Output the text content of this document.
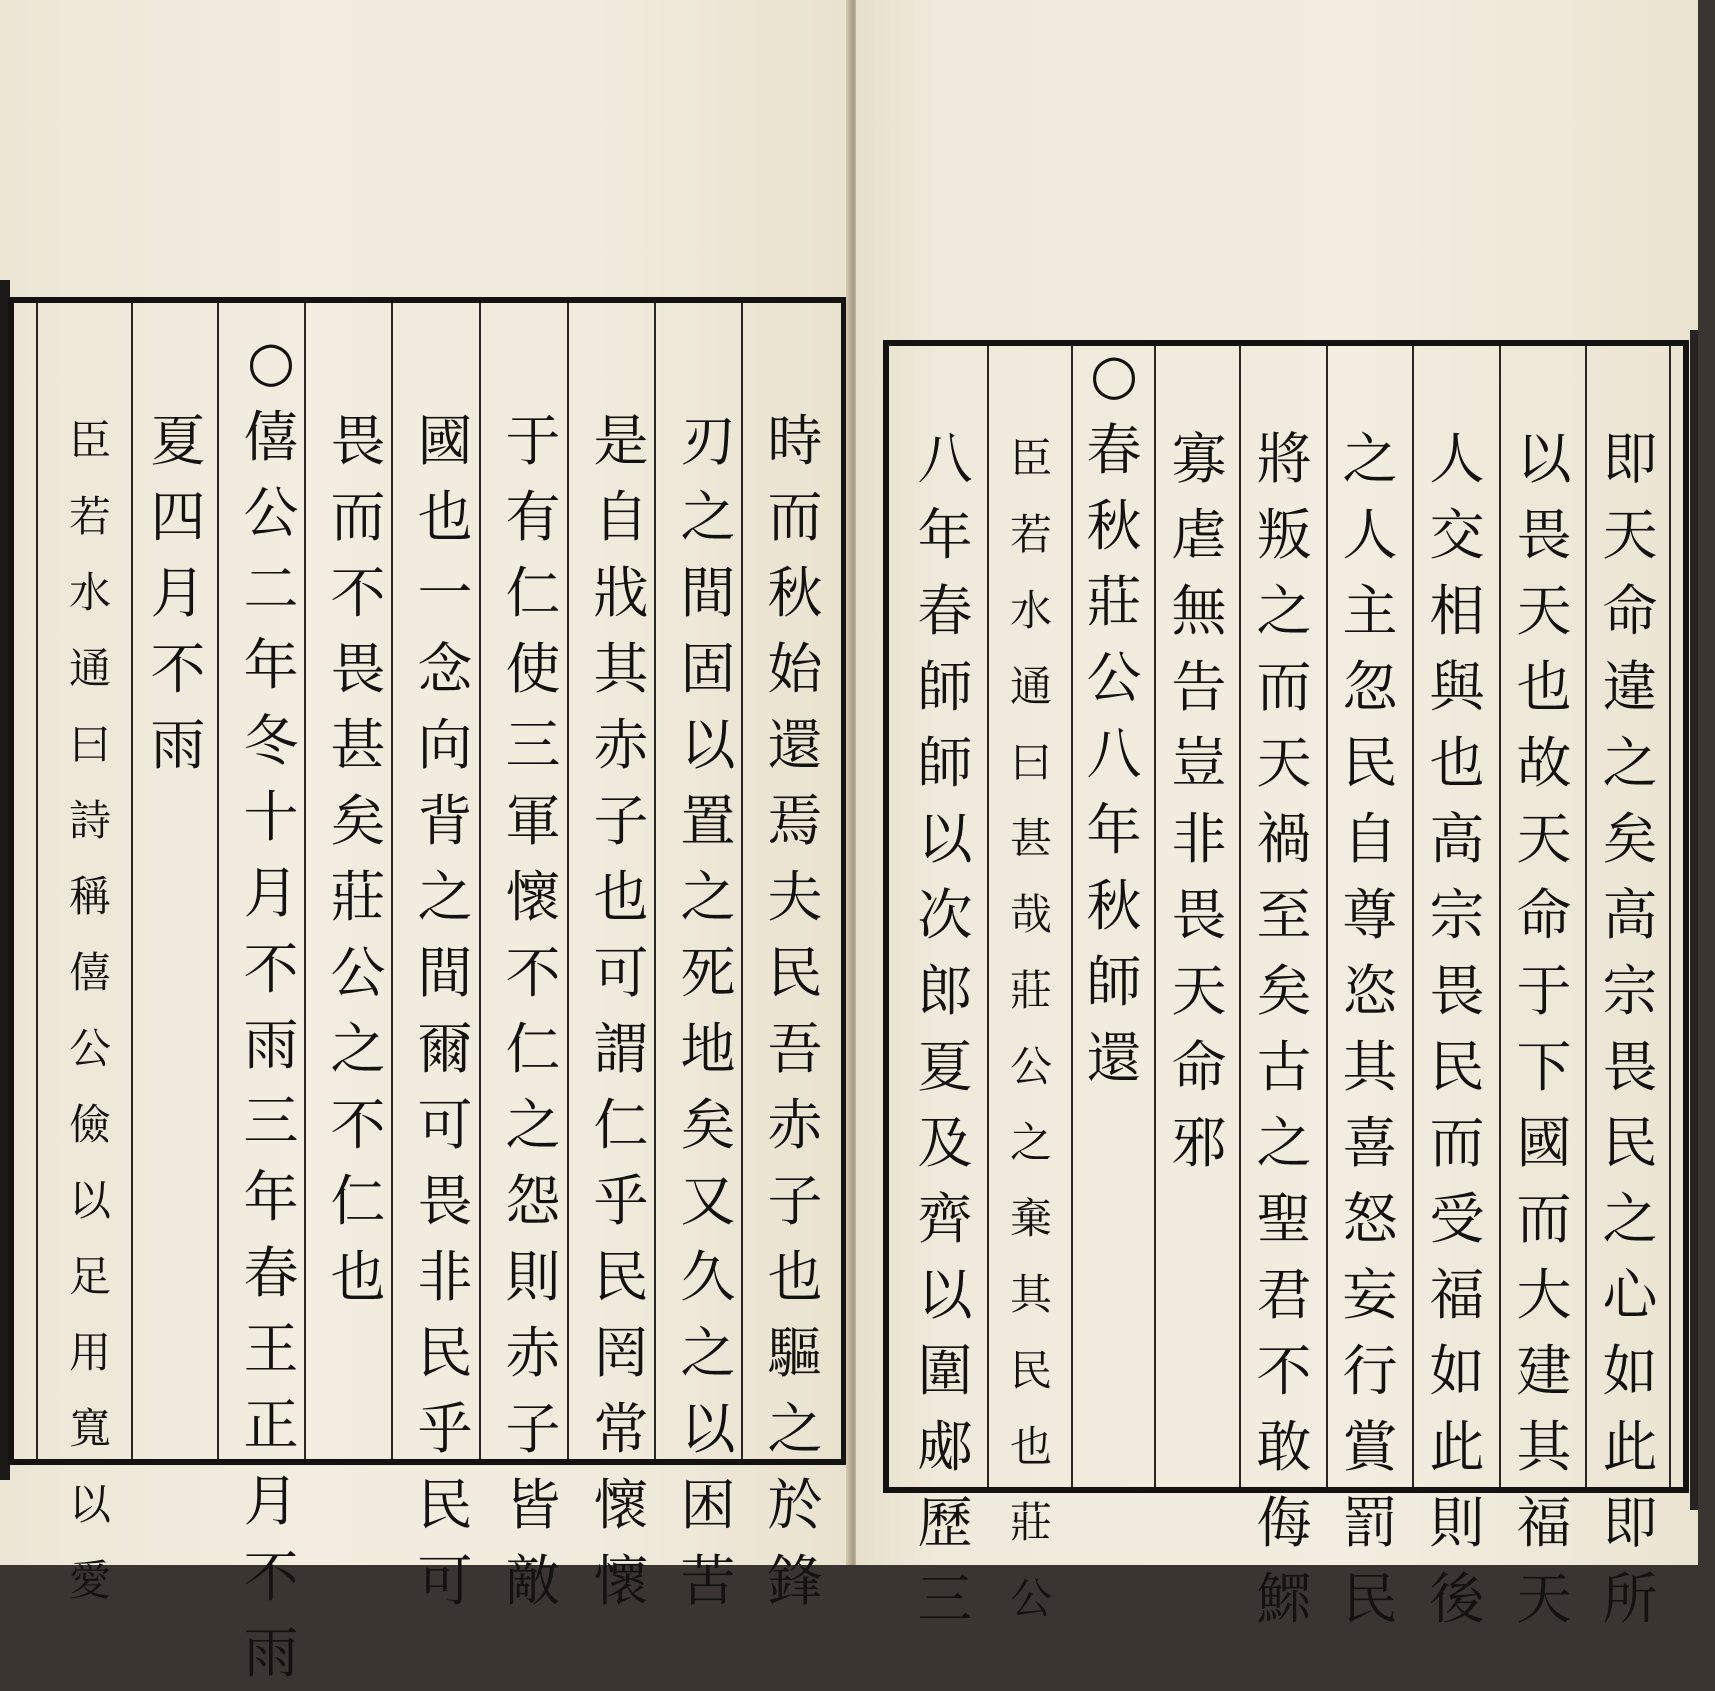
時
而
秋
始
還
焉
夫
民
吾
赤
子
也
驅
之
於
鋒
刃
之
間
固
以
置
之
死
地
矣
又
久
之
以
困
苦
是
自
戕
其
赤
子
也
可
謂
仁
乎
民
罔
常
懷
懷
于
有
仁
使
三
軍
懷
不
仁
之
怨
則
赤
子
皆
敵
國
也
一
念
向
背
之
間
爾
可
畏
非
民
乎
民
可
畏
而
不
畏
甚
矣
莊
公
之
不
仁
也
○
僖
公
二
年
冬
十
月
不
雨
三
年
春
王
正
月
不
雨
夏
四
月
不
雨
臣
若
水
通
曰
詩
稱
僖
公
儉
以
足
用
寬
以
愛
即
天
命
違
之
矣
高
宗
畏
民
之
心
如
此
即
所
以
畏
天
也
故
天
命
于
下
國
而
大
建
其
福
天
人
交
相
與
也
高
宗
畏
民
而
受
福
如
此
則
後
之
人
主
忽
民
自
尊
恣
其
喜
怒
妄
行
賞
罰
民
將
叛
之
而
天
禍
至
矣
古
之
聖
君
不
敢
侮
鰥
寡
虐
無
告
豈
非
畏
天
命
邪
○
春
秋
莊
公
八
年
秋
師
還
臣
若
水
通
曰
甚
哉
莊
公
之
棄
其
民
也
莊
公
八
年
春
師
師
以
次
郎
夏
及
齊
以
圍
郕
歷
三
